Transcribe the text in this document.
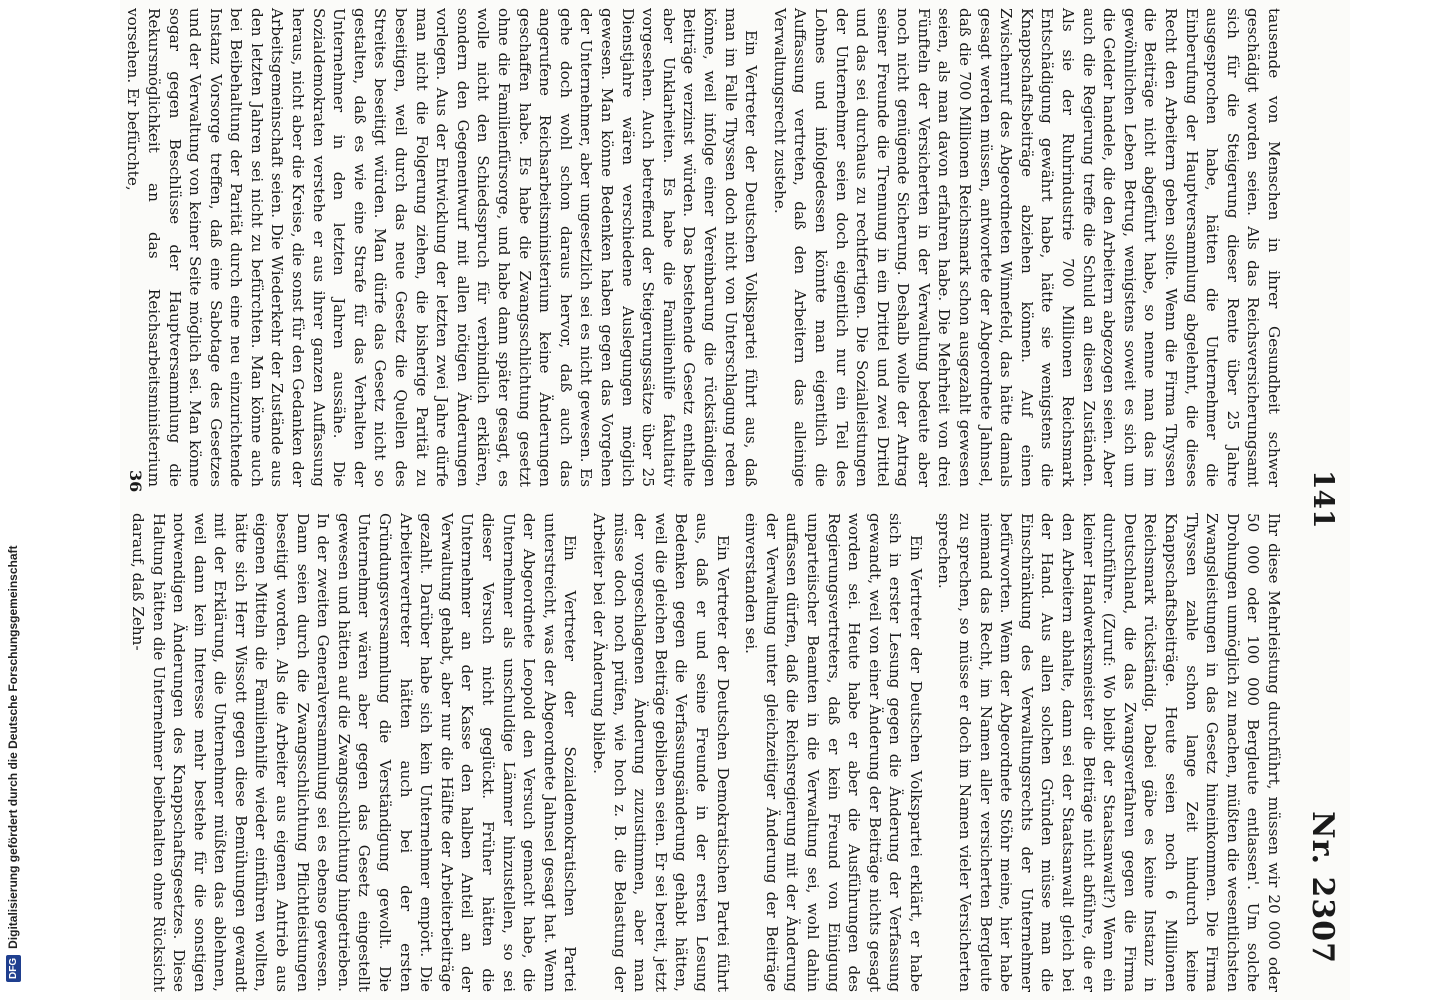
DFG
Digitalisierung gefördert durch die Deutsche Forschungsgemeinschaft
141
Nr. 2307

tausende von Menschen in ihrer Gesundheit schwer geschädigt worden seien. Als das Reichsversicherungsamt sich für die Steigerung dieser Rente über 25 Jahre ausgesprochen habe, hätten die Unternehmer die Einberufung der Hauptversammlung abgelehnt, die dieses Recht den Arbeitern geben sollte. Wenn die Firma Thyssen die Beiträge nicht abgeführt habe, so nenne man das im gewöhnlichen Leben Betrug, wenigstens soweit es sich um die Gelder handele, die den Arbeitern abgezogen seien. Aber auch die Regierung treffe die Schuld an diesen Zuständen. Als sie der Ruhrindustrie 700 Millionen Reichsmark Entschädigung gewährt habe, hätte sie wenigstens die Knappschaftsbeiträge abziehen können. Auf einen Zwischenruf des Abgeordneten Winnefeld, das hätte damals gesagt werden müssen, antwortete der Abgeordnete Jahnsel, daß die 700 Millionen Reichsmark schon ausgezahlt gewesen seien, als man davon erfahren habe. Die Mehrheit von drei Fünfteln der Versicherten in der Verwaltung bedeute aber noch nicht genügende Sicherung. Deshalb wolle der Antrag seiner Freunde die Trennung in ein Drittel und zwei Drittel und das sei durchaus zu rechtfertigen. Die Sozialleistungen der Unternehmer seien doch eigentlich nur ein Teil des Lohnes und infolgedessen könnte man eigentlich die Auffassung vertreten, daß den Arbeitern das alleinige Verwaltungsrecht zustehe.

Ein Vertreter der Deutschen Volkspartei führt aus, daß man im Falle Thyssen doch nicht von Unterschlagung reden könne, weil infolge einer Vereinbarung die rückständigen Beiträge verzinst würden. Das bestehende Gesetz enthalte aber Unklarheiten. Es habe die Familienhilfe fakultativ vorgesehen. Auch betreffend der Steigerungssätze über 25 Dienstjahre wären verschiedene Auslegungen möglich gewesen. Man könne Bedenken haben gegen das Vorgehen der Unternehmer, aber ungesetzlich sei es nicht gewesen. Es gehe doch wohl schon daraus hervor, daß auch das angerufene Reichsarbeitsministerium keine Änderungen geschaffen habe. Es habe die Zwangsschlichtung gesetzt ohne die Familienfürsorge, und habe dann später gesagt, es wolle nicht den Schiedsspruch für verbindlich erklären, sondern den Gegenentwurf mit allen nötigen Änderungen vorlegen. Aus der Entwicklung der letzten zwei Jahre dürfe man nicht die Folgerung ziehen, die bisherige Parität zu beseitigen, weil durch das neue Gesetz die Quellen des Streites beseitigt würden. Man dürfe das Gesetz nicht so gestalten, daß es wie eine Strafe für das Verhalten der Unternehmer in den letzten Jahren aussähe. Die Sozialdemokraten verstehe er aus ihrer ganzen Auffassung heraus, nicht aber die Kreise, die sonst für den Gedanken der Arbeitsgemeinschaft seien. Die Wiederkehr der Zustände aus den letzten Jahren sei nicht zu befürchten. Man könne auch bei Beibehaltung der Parität durch eine neu einzurichtende Instanz Vorsorge treffen, daß eine Sabotage des Gesetzes und der Verwaltung von keiner Seite möglich sei. Man könne sogar gegen Beschlüsse der Hauptversammlung die Rekursmöglichkeit an das Reichsarbeitsministerium vorsehen. Er befürchte,

Ihr diese Mehrleistung durchführt, müssen wir 20 000 oder 50 000 oder 100 000 Bergleute entlassen'. Um solche Drohungen unmöglich zu machen, müßten die wesentlichsten Zwangsleistungen in das Gesetz hineinkommen. Die Firma Thyssen zahle schon lange Zeit hindurch keine Knappschaftsbeiträge. Heute seien noch 6 Millionen Reichsmark rückständig. Dabei gäbe es keine Instanz in Deutschland, die das Zwangsverfahren gegen die Firma durchführe. (Zuruf: Wo bleibt der Staatsanwalt?) Wenn ein kleiner Handwerksmeister die Beiträge nicht abführe, die er den Arbeitern abhalte, dann sei der Staatsanwalt gleich bei der Hand. Aus allen solchen Gründen müsse man die Einschränkung des Verwaltungsrechts der Unternehmer befürworten. Wenn der Abgeordnete Stöhr meine, hier habe niemand das Recht, im Namen aller versicherten Bergleute zu sprechen, so müsse er doch im Namen vieler Versicherten sprechen.

Ein Vertreter der Deutschen Volkspartei erklärt, er habe sich in erster Lesung gegen die Änderung der Verfassung gewandt, weil von einer Änderung der Beiträge nichts gesagt worden sei. Heute habe er aber die Ausführungen des Regierungsvertreters, daß er kein Freund von Einigung unparteiischer Beamten in die Verwaltung sei, wohl dahin auffassen dürfen, daß die Reichsregierung mit der Änderung der Verwaltung unter gleichzeitiger Änderung der Beiträge einverstanden sei.

Ein Vertreter der Deutschen Demokratischen Partei führt aus, daß er und seine Freunde in der ersten Lesung Bedenken gegen die Verfassungsänderung gehabt hätten, weil die gleichen Beiträge geblieben seien. Er sei bereit, jetzt der vorgeschlagenen Änderung zuzustimmen, aber man müsse doch noch prüfen, wie hoch z. B. die Belastung der Arbeiter bei der Änderung bliebe.

Ein Vertreter der Sozialdemokratischen Partei unterstreicht, was der Abgeordnete Jahnsel gesagt hat. Wenn der Abgeordnete Leopold den Versuch gemacht habe, die Unternehmer als unschuldige Lämmer hinzustellen, so sei dieser Versuch nicht geglückt. Früher hätten die Unternehmer an der Kasse den halben Anteil an der Verwaltung gehabt, aber nur die Hälfte der Arbeiterbeiträge gezahlt. Darüber habe sich kein Unternehmer empört. Die Arbeitervertreter hätten auch bei der ersten Gründungsversammlung die Verständigung gewollt. Die Unternehmer wären aber gegen das Gesetz eingestellt gewesen und hätten auf die Zwangsschlichtung hingetrieben. In der zweiten Generalversammlung sei es ebenso gewesen. Dann seien durch die Zwangsschlichtung Pflichtleistungen beseitigt worden. Als die Arbeiter aus eigenen Antrieb aus eigenen Mitteln die Familienhilfe wieder einführen wollten, hätte sich Herr Wissott gegen diese Bemühungen gewandt mit der Erklärung, die Unternehmer müßten das ablehnen, weil dann kein Interesse mehr bestehe für die sonstigen notwendigen Änderungen des Knappschaftsgesetzes. Diese Haltung hätten die Unternehmer beibehalten ohne Rücksicht darauf, daß Zehn-

36
